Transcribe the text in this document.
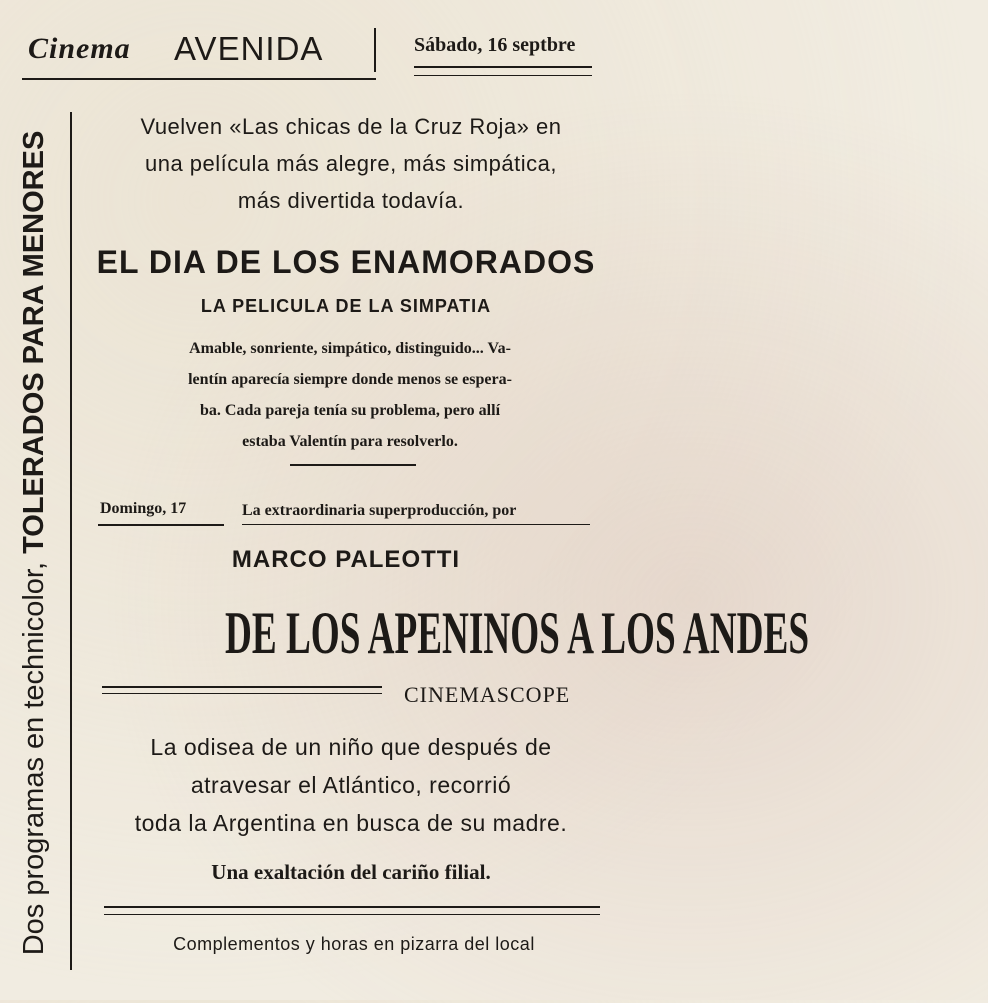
Cinema AVENIDA	Sábado, 16 septbre
Dos programas en technicolor, TOLERADOS PARA MENORES
Vuelven «Las chicas de la Cruz Roja» en
una película más alegre, más simpática,
más divertida todavía.
EL DIA DE LOS ENAMORADOS
LA PELICULA DE LA SIMPATIA
Amable, sonriente, simpático, distinguido... Va-
lentín aparecía siempre donde menos se espera-
ba. Cada pareja tenía su problema, pero allí
estaba Valentín para resolverlo.
Domingo, 17	La extraordinaria superproducción, por
MARCO PALEOTTI
DE LOS APENINOS A LOS ANDES
CINEMASCOPE
La odisea de un niño que después de
atravesar el Atlántico, recorrió
toda la Argentina en busca de su madre.
Una exaltación del cariño filial.
Complementos y horas en pizarra del local
